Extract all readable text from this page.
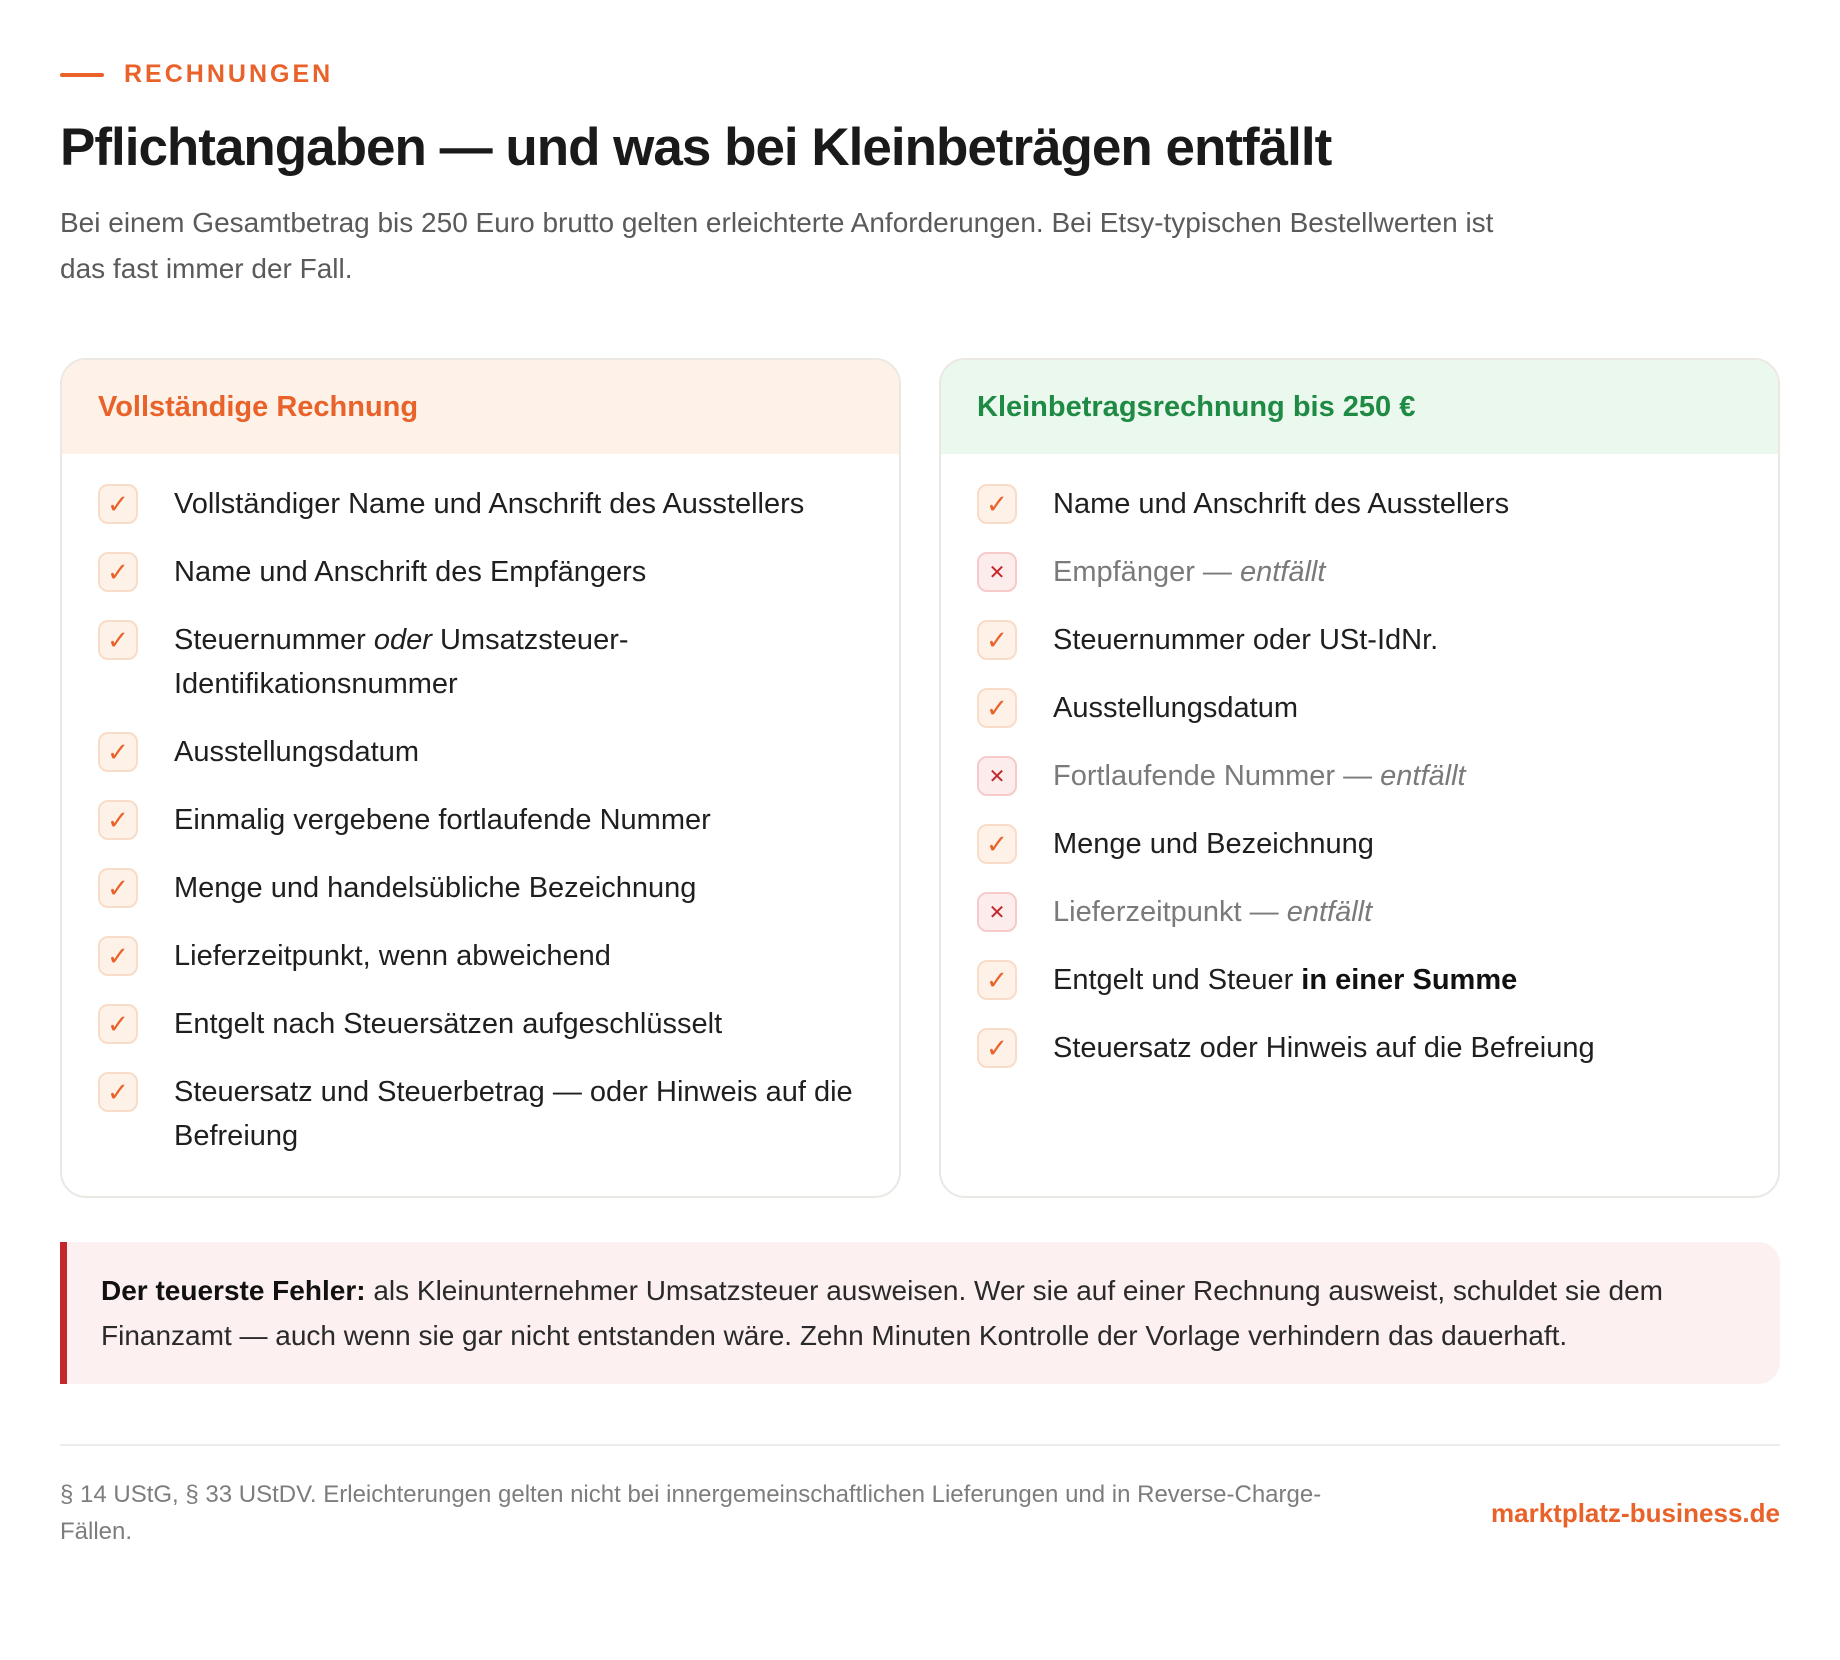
RECHNUNGEN
Pflichtangaben — und was bei Kleinbeträgen entfällt

Bei einem Gesamtbetrag bis 250 Euro brutto gelten erleichterte Anforderungen. Bei Etsy-typischen Bestellwerten ist das fast immer der Fall.

Vollständige Rechnung
✓	Vollständiger Name und Anschrift des Ausstellers
✓	Name und Anschrift des Empfängers
✓	Steuernummer oder Umsatzsteuer-Identifikationsnummer
✓	Ausstellungsdatum
✓	Einmalig vergebene fortlaufende Nummer
✓	Menge und handelsübliche Bezeichnung
✓	Lieferzeitpunkt, wenn abweichend
✓	Entgelt nach Steuersätzen aufgeschlüsselt
✓	Steuersatz und Steuerbetrag — oder Hinweis auf die Befreiung
Kleinbetragsrechnung bis 250 €
✓	Name und Anschrift des Ausstellers
✕	Empfänger — entfällt
✓	Steuernummer oder USt-IdNr.
✓	Ausstellungsdatum
✕	Fortlaufende Nummer — entfällt
✓	Menge und Bezeichnung
✕	Lieferzeitpunkt — entfällt
✓	Entgelt und Steuer in einer Summe
✓	Steuersatz oder Hinweis auf die Befreiung

Der teuerste Fehler: als Kleinunternehmer Umsatzsteuer ausweisen. Wer sie auf einer Rechnung ausweist, schuldet sie dem Finanzamt — auch wenn sie gar nicht entstanden wäre. Zehn Minuten Kontrolle der Vorlage verhindern das dauerhaft.

§ 14 UStG, § 33 UStDV. Erleichterungen gelten nicht bei innergemeinschaftlichen Lieferungen und in Reverse-Charge-Fällen.

marktplatz-business.de
